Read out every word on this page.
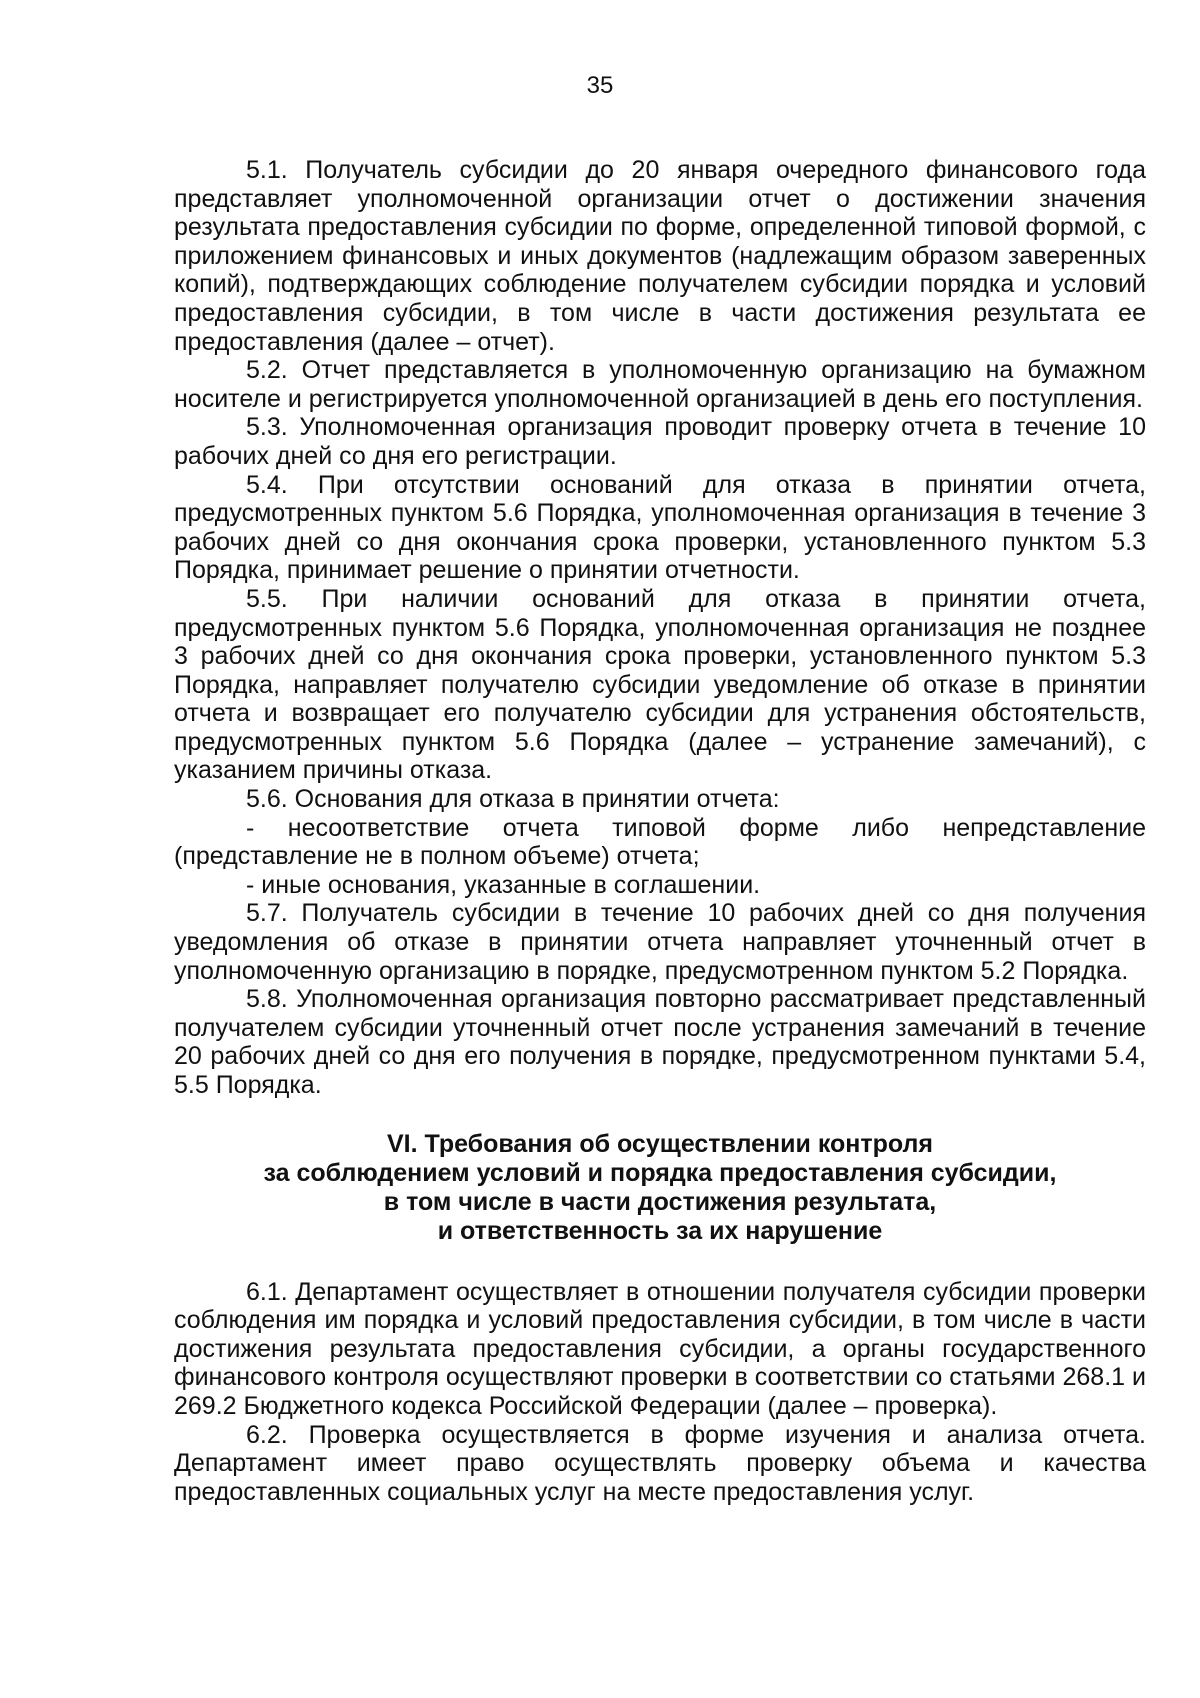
35

5.1. Получатель субсидии до 20 января очередного финансового года представляет уполномоченной организации отчет о достижении значения результата предоставления субсидии по форме, определенной типовой формой, с приложением финансовых и иных документов (надлежащим образом заверенных копий), подтверждающих соблюдение получателем субсидии порядка и условий предоставления субсидии, в том числе в части достижения результата ее предоставления (далее – отчет).

5.2. Отчет представляется в уполномоченную организацию на бумажном носителе и регистрируется уполномоченной организацией в день его поступления.

5.3. Уполномоченная организация проводит проверку отчета в течение 10 рабочих дней со дня его регистрации.

5.4. При отсутствии оснований для отказа в принятии отчета, предусмотренных пунктом 5.6 Порядка, уполномоченная организация в течение 3 рабочих дней со дня окончания срока проверки, установленного пунктом 5.3 Порядка, принимает решение о принятии отчетности.

5.5. При наличии оснований для отказа в принятии отчета, предусмотренных пунктом 5.6 Порядка, уполномоченная организация не позднее 3 рабочих дней со дня окончания срока проверки, установленного пунктом 5.3 Порядка, направляет получателю субсидии уведомление об отказе в принятии отчета и возвращает его получателю субсидии для устранения обстоятельств, предусмотренных пунктом 5.6 Порядка (далее – устранение замечаний), с указанием причины отказа.

5.6. Основания для отказа в принятии отчета:

- несоответствие отчета типовой форме либо непредставление (представление не в полном объеме) отчета;

- иные основания, указанные в соглашении.

5.7. Получатель субсидии в течение 10 рабочих дней со дня получения уведомления об отказе в принятии отчета направляет уточненный отчет в уполномоченную организацию в порядке, предусмотренном пунктом 5.2 Порядка.

5.8. Уполномоченная организация повторно рассматривает представленный получателем субсидии уточненный отчет после устранения замечаний в течение 20 рабочих дней со дня его получения в порядке, предусмотренном пунктами 5.4, 5.5 Порядка.

VI. Требования об осуществлении контроля
за соблюдением условий и порядка предоставления субсидии,
в том числе в части достижения результата,
и ответственность за их нарушение

6.1. Департамент осуществляет в отношении получателя субсидии проверки соблюдения им порядка и условий предоставления субсидии, в том числе в части достижения результата предоставления субсидии, а органы государственного финансового контроля осуществляют проверки в соответствии со статьями 268.1 и 269.2 Бюджетного кодекса Российской Федерации (далее – проверка).

6.2. Проверка осуществляется в форме изучения и анализа отчета. Департамент имеет право осуществлять проверку объема и качества предоставленных социальных услуг на месте предоставления услуг.
